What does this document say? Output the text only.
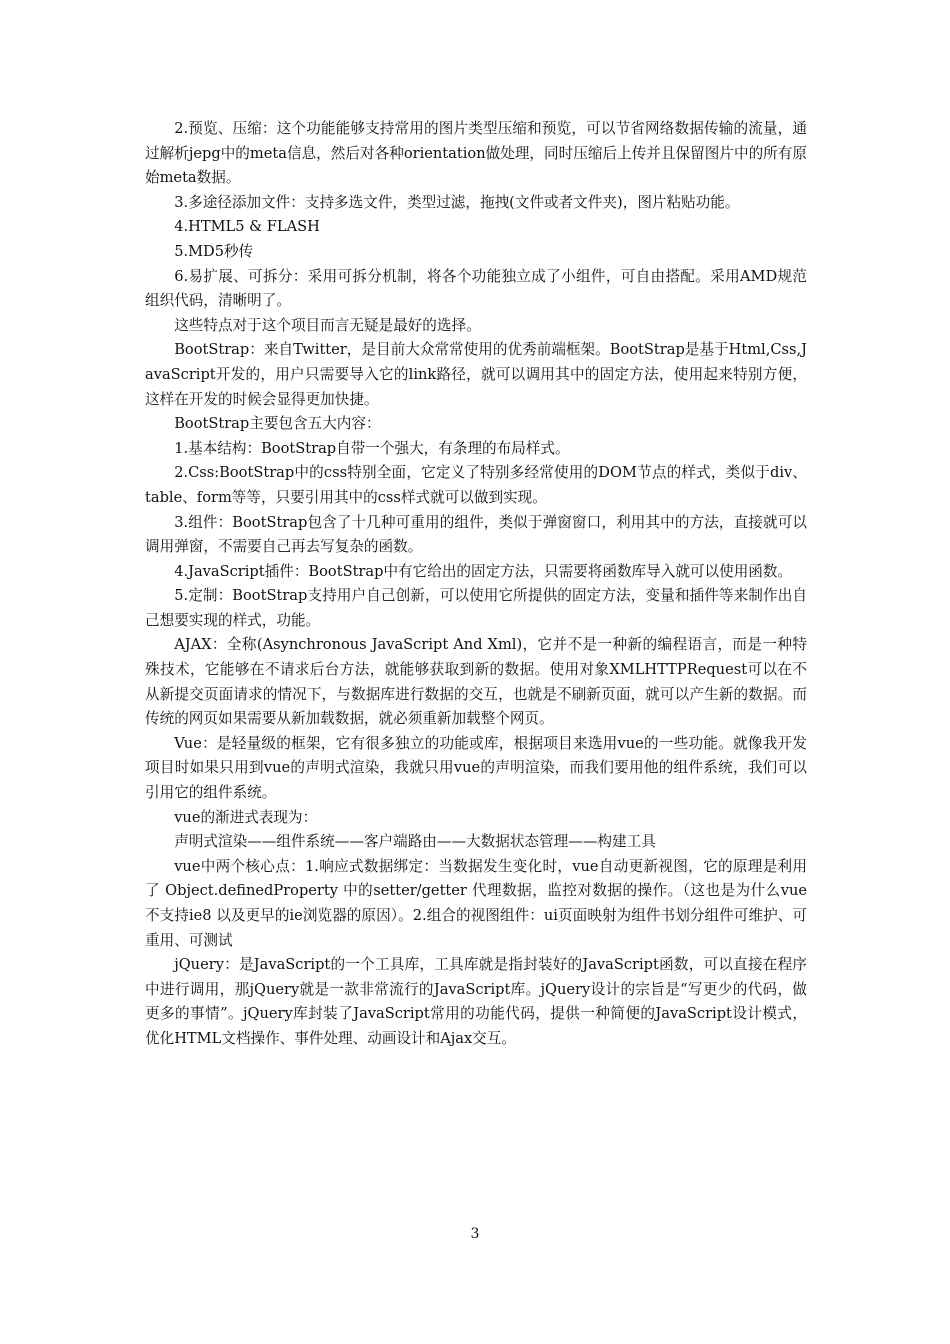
2.预览、压缩：这个功能能够支持常用的图片类型压缩和预览，可以节省网络数据传输的流量，通过解析jepg中的meta信息，然后对各种orientation做处理，同时压缩后上传并且保留图片中的所有原始meta数据。

3.多途径添加文件：支持多选文件，类型过滤，拖拽(文件或者文件夹)，图片粘贴功能。

4.HTML5 & FLASH

5.MD5秒传

6.易扩展、可拆分：采用可拆分机制，将各个功能独立成了小组件，可自由搭配。采用AMD规范组织代码，清晰明了。

这些特点对于这个项目而言无疑是最好的选择。

BootStrap：来自Twitter，是目前大众常常使用的优秀前端框架。BootStrap是基于Html,Css,JavaScript开发的，用户只需要导入它的link路径，就可以调用其中的固定方法，使用起来特别方便，这样在开发的时候会显得更加快捷。

BootStrap主要包含五大内容：

1.基本结构：BootStrap自带一个强大，有条理的布局样式。

2.Css:BootStrap中的css特别全面，它定义了特别多经常使用的DOM节点的样式，类似于div、table、form等等，只要引用其中的css样式就可以做到实现。

3.组件：BootStrap包含了十几种可重用的组件，类似于弹窗窗口，利用其中的方法，直接就可以调用弹窗，不需要自己再去写复杂的函数。

4.JavaScript插件：BootStrap中有它给出的固定方法，只需要将函数库导入就可以使用函数。

5.定制：BootStrap支持用户自己创新，可以使用它所提供的固定方法，变量和插件等来制作出自己想要实现的样式，功能。

AJAX：全称(Asynchronous JavaScript And Xml)，它并不是一种新的编程语言，而是一种特殊技术，它能够在不请求后台方法，就能够获取到新的数据。使用对象XMLHTTPRequest可以在不从新提交页面请求的情况下，与数据库进行数据的交互，也就是不刷新页面，就可以产生新的数据。而传统的网页如果需要从新加载数据，就必须重新加载整个网页。

Vue：是轻量级的框架，它有很多独立的功能或库，根据项目来选用vue的一些功能。就像我开发项目时如果只用到vue的声明式渲染，我就只用vue的声明渲染，而我们要用他的组件系统，我们可以引用它的组件系统。

vue的渐进式表现为：

声明式渲染——组件系统——客户端路由——大数据状态管理——构建工具

vue中两个核心点：1.响应式数据绑定：当数据发生变化时，vue自动更新视图，它的原理是利用了 Object.definedProperty 中的setter/getter 代理数据，监控对数据的操作。（这也是为什么vue不支持ie8 以及更早的ie浏览器的原因）。2.组合的视图组件：ui页面映射为组件书划分组件可维护、可重用、可测试

jQuery：是JavaScript的一个工具库，工具库就是指封装好的JavaScript函数，可以直接在程序中进行调用，那jQuery就是一款非常流行的JavaScript库。jQuery设计的宗旨是“写更少的代码，做更多的事情”。jQuery库封装了JavaScript常用的功能代码，提供一种简便的JavaScript设计模式，优化HTML文档操作、事件处理、动画设计和Ajax交互。

3
